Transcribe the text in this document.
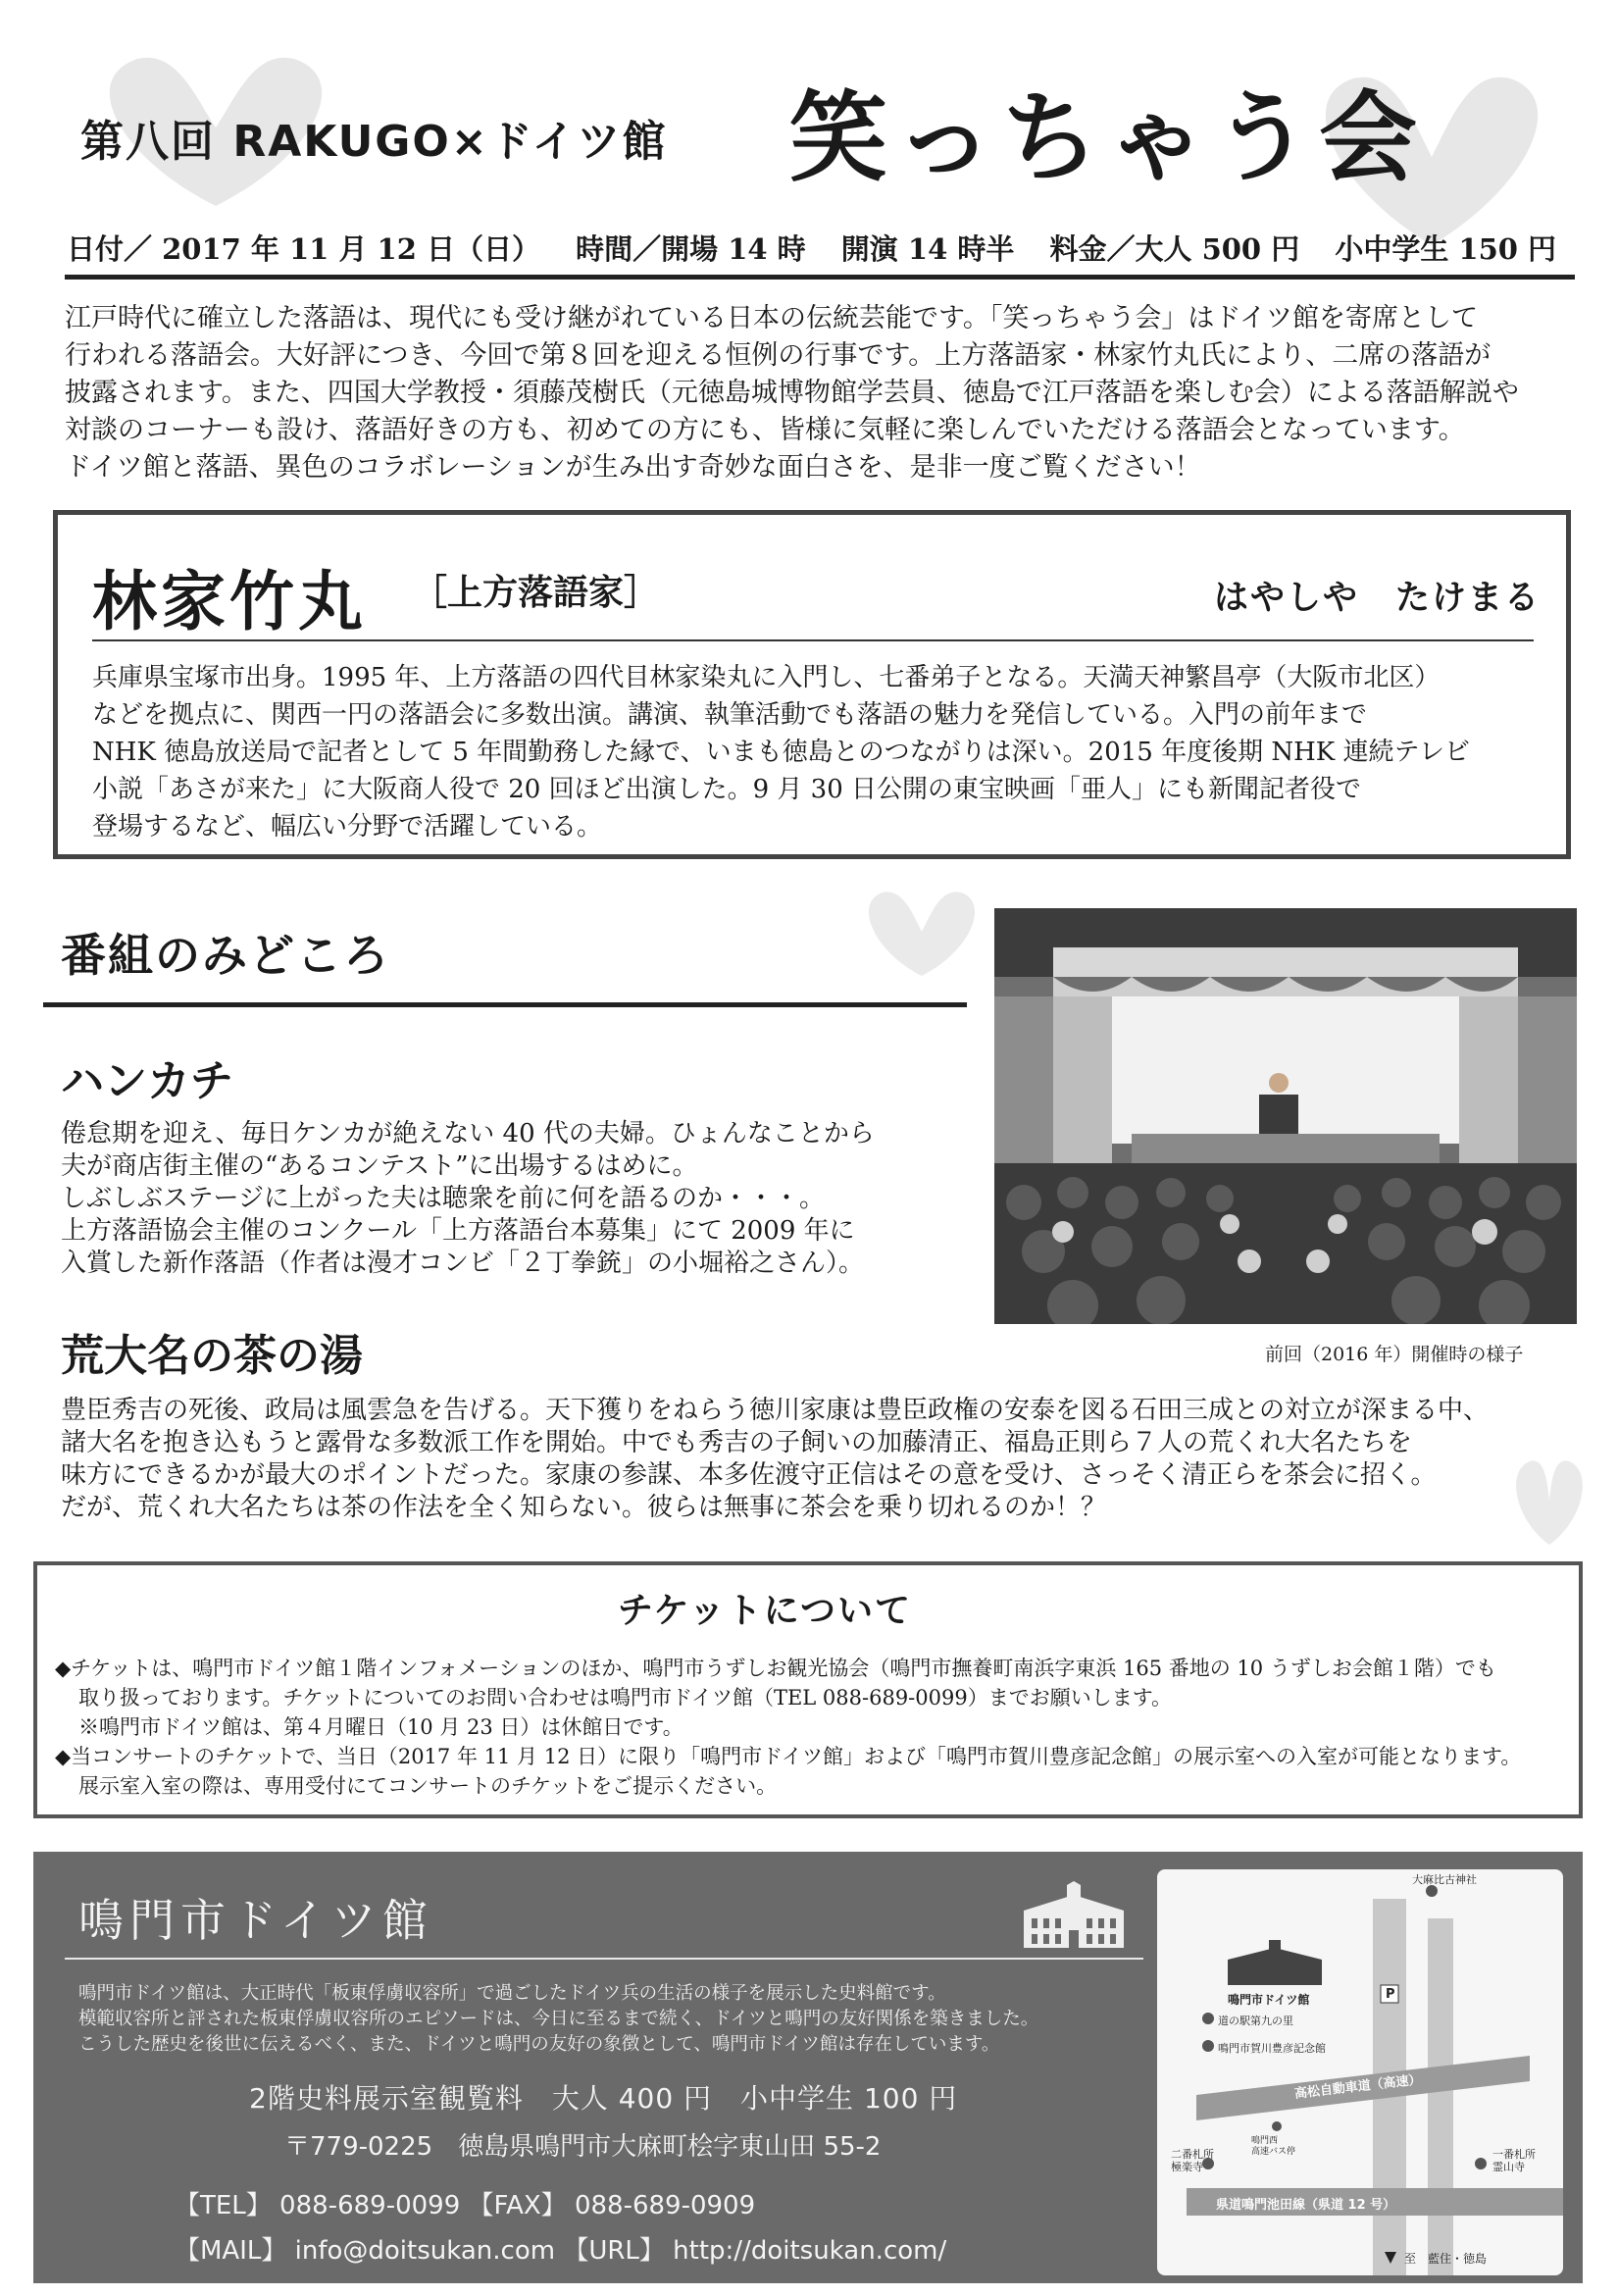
第八回 RAKUGO×ドイツ館 笑っちゃう会
日付／ 2017 年 11 月 12 日（日） 時間／開場 14 時 開演 14 時半 料金／大人 500 円 小中学生 150 円

江戸時代に確立した落語は、現代にも受け継がれている日本の伝統芸能です。「笑っちゃう会」はドイツ館を寄席として

行われる落語会。大好評につき、今回で第８回を迎える恒例の行事です。上方落語家・林家竹丸氏により、二席の落語が

披露されます。また、四国大学教授・須藤茂樹氏（元徳島城博物館学芸員、徳島で江戸落語を楽しむ会）による落語解説や

対談のコーナーも設け、落語好きの方も、初めての方にも、皆様に気軽に楽しんでいただける落語会となっています。

ドイツ館と落語、異色のコラボレーションが生み出す奇妙な面白さを、是非一度ご覧ください！

林家竹丸 ［上方落語家］	はやしや　たけまる

兵庫県宝塚市出身。1995 年、上方落語の四代目林家染丸に入門し、七番弟子となる。天満天神繁昌亭（大阪市北区）

などを拠点に、関西一円の落語会に多数出演。講演、執筆活動でも落語の魅力を発信している。入門の前年まで

NHK 徳島放送局で記者として 5 年間勤務した縁で、いまも徳島とのつながりは深い。2015 年度後期 NHK 連続テレビ

小説「あさが来た」に大阪商人役で 20 回ほど出演した。9 月 30 日公開の東宝映画「亜人」にも新聞記者役で

登場するなど、幅広い分野で活躍している。

番組のみどころ
ハンカチ

倦怠期を迎え、毎日ケンカが絶えない 40 代の夫婦。ひょんなことから

夫が商店街主催の“あるコンテスト”に出場するはめに。

しぶしぶステージに上がった夫は聴衆を前に何を語るのか・・・。

上方落語協会主催のコンクール「上方落語台本募集」にて 2009 年に

入賞した新作落語（作者は漫才コンビ「２丁拳銃」の小堀裕之さん）。

前回（2016 年）開催時の様子
荒大名の茶の湯

豊臣秀吉の死後、政局は風雲急を告げる。天下獲りをねらう徳川家康は豊臣政権の安泰を図る石田三成との対立が深まる中、

諸大名を抱き込もうと露骨な多数派工作を開始。中でも秀吉の子飼いの加藤清正、福島正則ら７人の荒くれ大名たちを

味方にできるかが最大のポイントだった。家康の参謀、本多佐渡守正信はその意を受け、さっそく清正らを茶会に招く。

だが、荒くれ大名たちは茶の作法を全く知らない。彼らは無事に茶会を乗り切れるのか！？

チケットについて

◆チケットは、鳴門市ドイツ館１階インフォメーションのほか、鳴門市うずしお観光協会（鳴門市撫養町南浜字東浜 165 番地の 10 うずしお会館１階）でも

取り扱っております。チケットについてのお問い合わせは鳴門市ドイツ館（TEL 088-689-0099）までお願いします。

※鳴門市ドイツ館は、第４月曜日（10 月 23 日）は休館日です。

◆当コンサートのチケットで、当日（2017 年 11 月 12 日）に限り「鳴門市ドイツ館」および「鳴門市賀川豊彦記念館」の展示室への入室が可能となります。

展示室入室の際は、専用受付にてコンサートのチケットをご提示ください。

鳴門市ドイツ館

鳴門市ドイツ館は、大正時代「板東俘虜収容所」で過ごしたドイツ兵の生活の様子を展示した史料館です。

模範収容所と評された板東俘虜収容所のエピソードは、今日に至るまで続く、ドイツと鳴門の友好関係を築きました。

こうした歴史を後世に伝えるべく、また、ドイツと鳴門の友好の象徴として、鳴門市ドイツ館は存在しています。

2階史料展示室観覧料　大人 400 円　小中学生 100 円
〒779-0225　徳島県鳴門市大麻町桧字東山田 55-2
【TEL】 088-689-0099 【FAX】 088-689-0909
【MAIL】 info@doitsukan.com 【URL】 http://doitsukan.com/
大麻比古神社
P
鳴門市ドイツ館
道の駅第九の里
鳴門市賀川豊彦記念館
鳴門西
高速バス停
高松自動車道（高速）
二番札所
極楽寺
一番札所
霊山寺
県道鳴門池田線（県道 12 号）
至　藍住・徳島
